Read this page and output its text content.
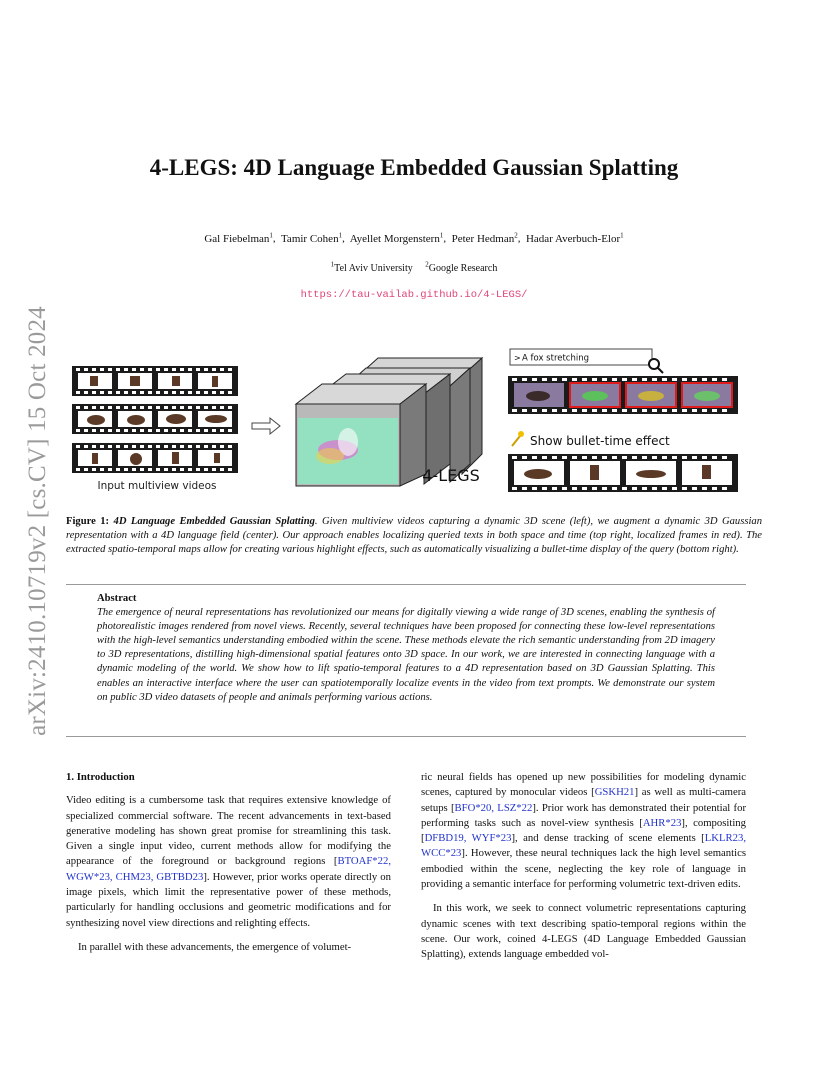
arXiv:2410.10719v2 [cs.CV] 15 Oct 2024
4-LEGS: 4D Language Embedded Gaussian Splatting
Gal Fiebelman$^1$,  Tamir Cohen$^1$,  Ayellet Morgenstern$^1$,  Peter Hedman$^2$,  Hadar Averbuch-Elor$^1$
$^1$Tel Aviv University $^2$Google Research
https://tau-vailab.github.io/4-LEGS/
Input multiview videos
4-LEGS
> A fox stretching
Show bullet-time effect
Figure 1: 4D Language Embedded Gaussian Splatting. Given multiview videos capturing a dynamic 3D scene (left), we augment a dynamic 3D Gaussian representation with a 4D language field (center). Our approach enables localizing queried texts in both space and time (top right, localized frames in red). The extracted spatio-temporal maps allow for creating various highlight effects, such as automatically visualizing a bullet-time display of the query (bottom right).
Abstract
The emergence of neural representations has revolutionized our means for digitally viewing a wide range of 3D scenes, enabling the synthesis of photorealistic images rendered from novel views. Recently, several techniques have been proposed for connecting these low-level representations with the high-level semantics understanding embodied within the scene. These methods elevate the rich semantic understanding from 2D imagery to 3D representations, distilling high-dimensional spatial features onto 3D space. In our work, we are interested in connecting language with a dynamic modeling of the world. We show how to lift spatio-temporal features to a 4D representation based on 3D Gaussian Splatting. This enables an interactive interface where the user can spatiotemporally localize events in the video from text prompts. We demonstrate our system on public 3D video datasets of people and animals performing various actions.
1. Introduction

Video editing is a cumbersome task that requires extensive knowledge of specialized commercial software. The recent advancements in text-based generative modeling has shown great promise for streamlining this task. Given a single input video, current methods allow for modifying the appearance of the foreground or background regions [BTOAF*22, WGW*23, CHM23, GBTBD23]. However, prior works operate directly on image pixels, which limit the representative power of these methods, particularly for handling occlusions and geometric modifications and for synthesizing novel view directions and relighting effects.

In parallel with these advancements, the emergence of volumet-

ric neural fields has opened up new possibilities for modeling dynamic scenes, captured by monocular videos [GSKH21] as well as multi-camera setups [BFO*20, LSZ*22]. Prior work has demonstrated their potential for performing tasks such as novel-view synthesis [AHR*23], compositing [DFBD19, WYF*23], and dense tracking of scene elements [LKLR23, WCC*23]. However, these neural techniques lack the high level semantics embodied within the scene, neglecting the key role of language in providing a semantic interface for performing volumetric text-driven edits.

In this work, we seek to connect volumetric representations capturing dynamic scenes with text describing spatio-temporal regions within the scene. Our work, coined 4-LEGS (4D Language Embedded Gaussian Splatting), extends language embedded vol-
